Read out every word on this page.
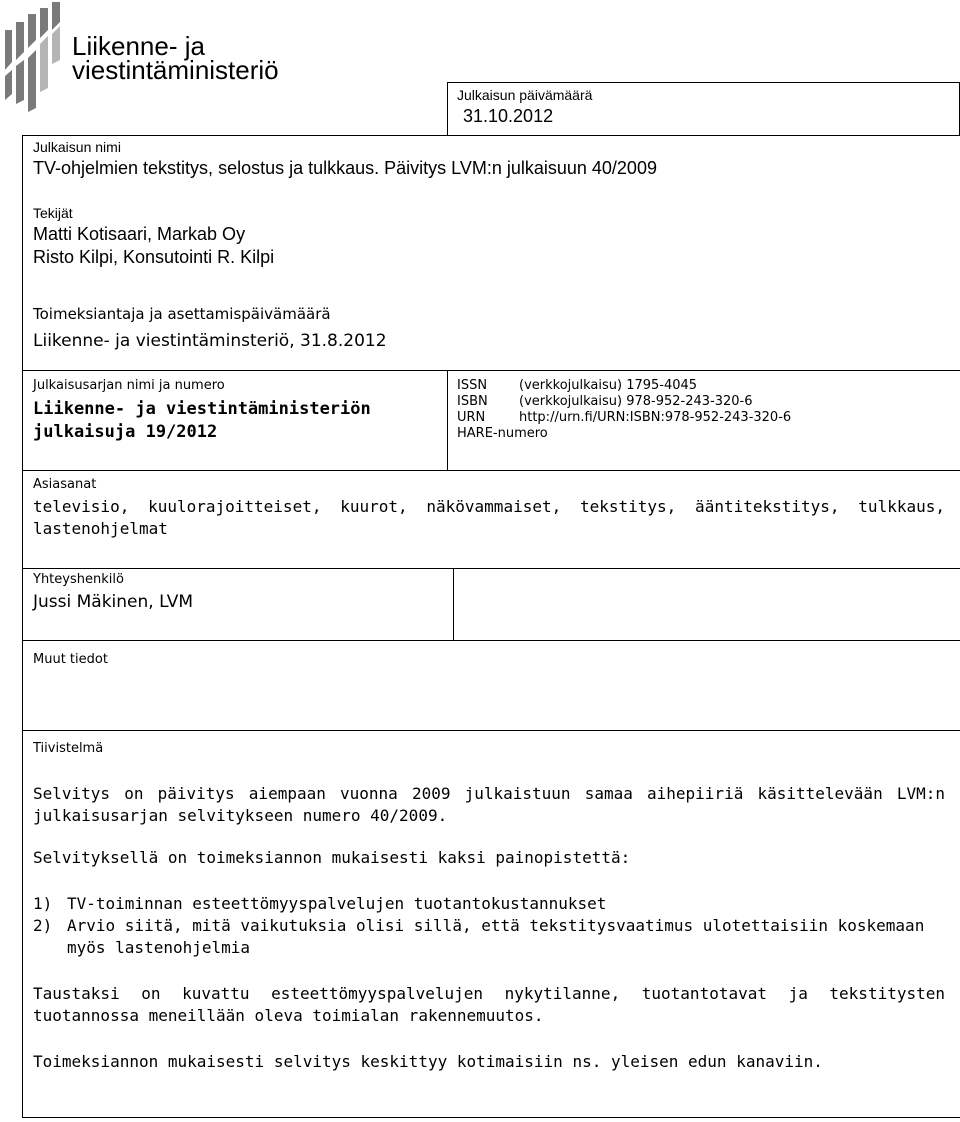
Liikenne- ja
viestintäministeriö
Julkaisun päivämäärä
31.10.2012
Julkaisun nimi
TV-ohjelmien tekstitys, selostus ja tulkkaus. Päivitys LVM:n julkaisuun 40/2009
Tekijät
Matti Kotisaari, Markab Oy
Risto Kilpi, Konsutointi R. Kilpi
Toimeksiantaja ja asettamispäivämäärä
Liikenne- ja viestintäminsteriö, 31.8.2012
Julkaisusarjan nimi ja numero
Liikenne- ja viestintäministeriön
julkaisuja 19/2012
ISSN (verkkojulkaisu) 1795-4045
ISBN (verkkojulkaisu) 978-952-243-320-6
URN	http://urn.fi/URN:ISBN:978-952-243-320-6
HARE-numero
Asiasanat
televisio, kuulorajoitteiset, kuurot, näkövammaiset, tekstitys, ääntitekstitys, tulkkaus, lastenohjelmat
Yhteyshenkilö
Jussi Mäkinen, LVM
Muut tiedot
Tiivistelmä

Selvitys on päivitys aiempaan vuonna 2009 julkaistuun samaa aihepiiriä käsittelevään LVM:n julkaisusarjan selvitykseen numero 40/2009.

Selvityksellä on toimeksiannon mukaisesti kaksi painopistettä:

1) TV-toiminnan esteettömyyspalvelujen tuotantokustannukset
2) Arvio siitä, mitä vaikutuksia olisi sillä, että tekstitysvaatimus ulotettaisiin koskemaan myös lastenohjelmia

Taustaksi on kuvattu esteettömyyspalvelujen nykytilanne, tuotantotavat ja tekstitysten tuotannossa meneillään oleva toimialan rakennemuutos.

Toimeksiannon mukaisesti selvitys keskittyy kotimaisiin ns. yleisen edun kanaviin.
